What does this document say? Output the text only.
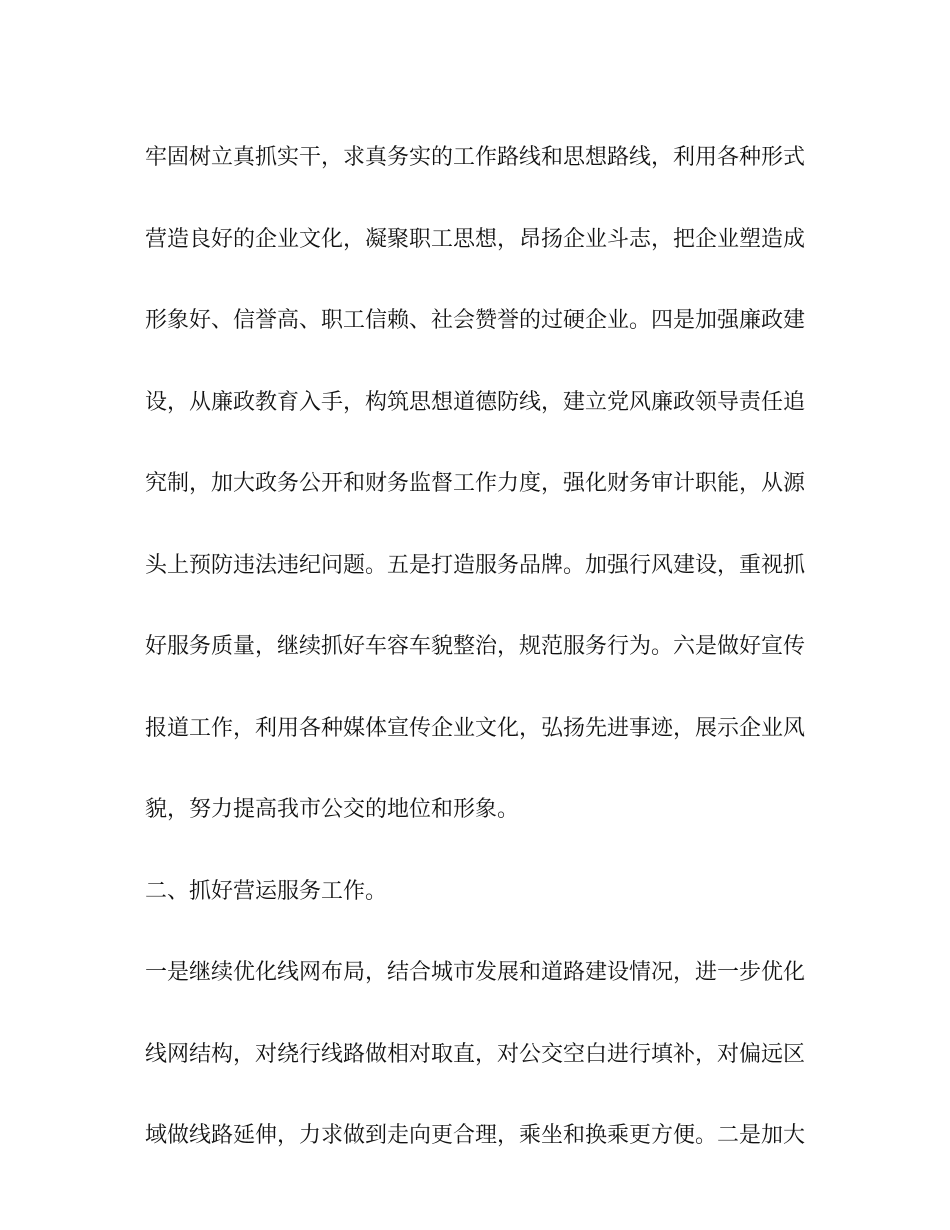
牢固树立真抓实干，求真务实的工作路线和思想路线，利用各种形式
营造良好的企业文化，凝聚职工思想，昂扬企业斗志，把企业塑造成
形象好、信誉高、职工信赖、社会赞誉的过硬企业。四是加强廉政建
设，从廉政教育入手，构筑思想道德防线，建立党风廉政领导责任追
究制，加大政务公开和财务监督工作力度，强化财务审计职能，从源
头上预防违法违纪问题。五是打造服务品牌。加强行风建设，重视抓
好服务质量，继续抓好车容车貌整治，规范服务行为。六是做好宣传
报道工作，利用各种媒体宣传企业文化，弘扬先进事迹，展示企业风
貌，努力提高我市公交的地位和形象。
二、抓好营运服务工作。
一是继续优化线网布局，结合城市发展和道路建设情况，进一步优化
线网结构，对绕行线路做相对取直，对公交空白进行填补，对偏远区
域做线路延伸，力求做到走向更合理，乘坐和换乘更方便。二是加大
